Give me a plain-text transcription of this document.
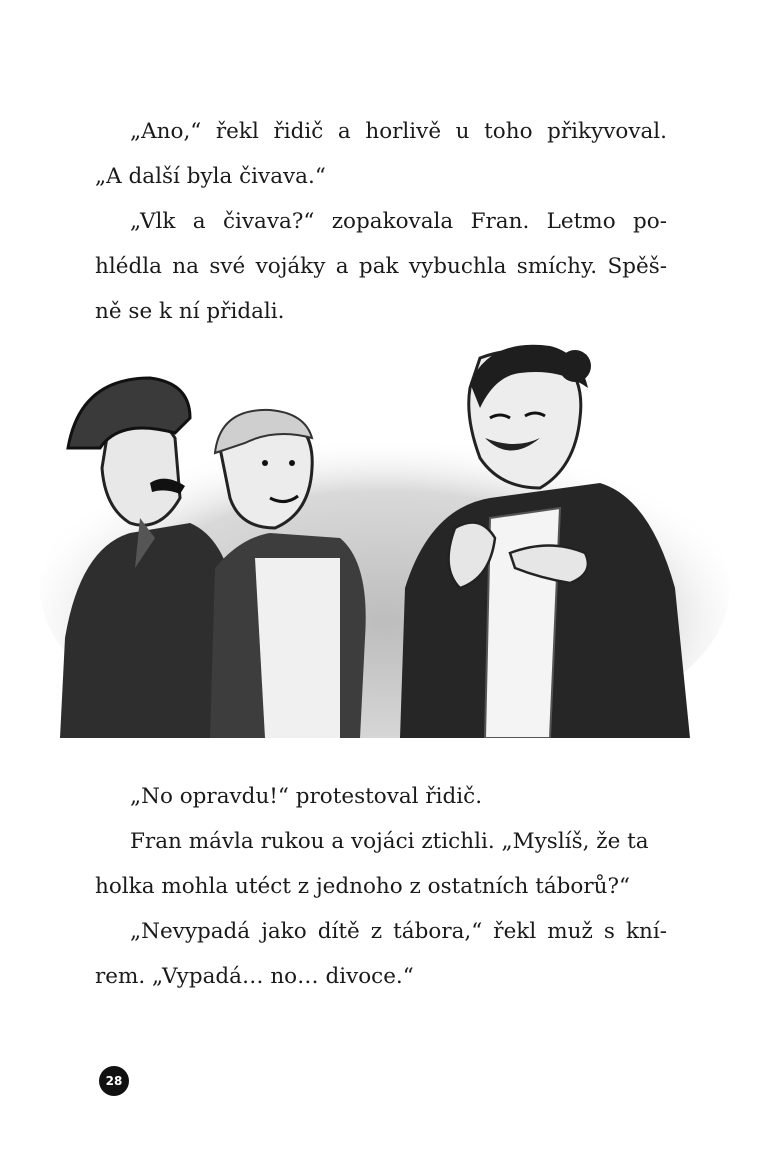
„Ano,“ řekl řidič a horlivě u toho přikyvoval.
„A další byla čivava.“
„Vlk a čivava?“ zopakovala Fran. Letmo po-
hlédla na své vojáky a pak vybuchla smíchy. Spěš-
ně se k ní přidali.
„No opravdu!“ protestoval řidič.
Fran mávla rukou a vojáci ztichli. „Myslíš, že ta
holka mohla utéct z jednoho z ostatních táborů?“
„Nevypadá jako dítě z tábora,“ řekl muž s kní-
rem. „Vypadá… no… divoce.“
28
